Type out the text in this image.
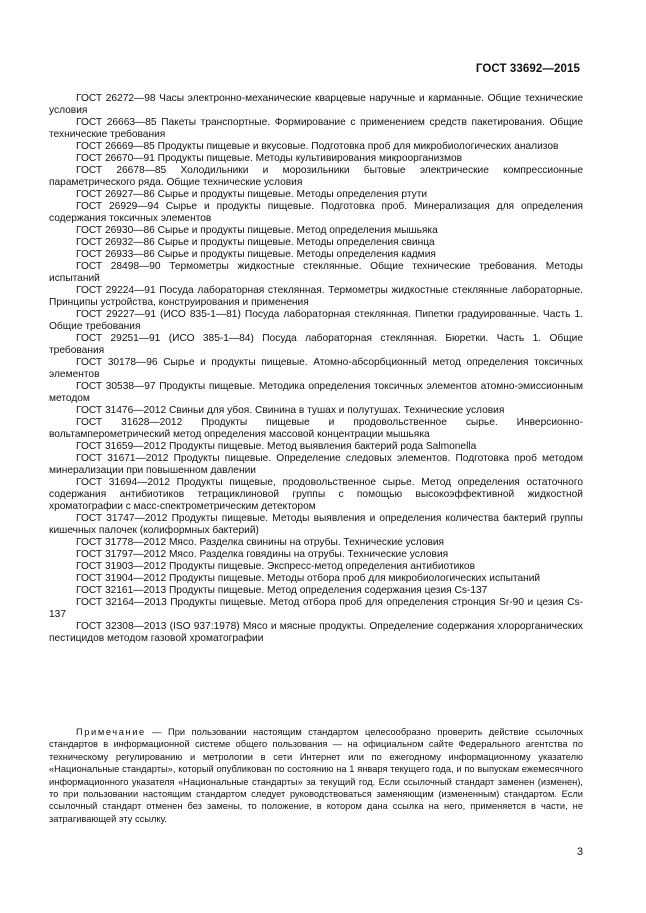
ГОСТ 33692—2015

ГОСТ 26272—98 Часы электронно-механические кварцевые наручные и карманные. Общие технические условия

ГОСТ 26663—85 Пакеты транспортные. Формирование с применением средств пакетирования. Общие технические требования

ГОСТ 26669—85 Продукты пищевые и вкусовые. Подготовка проб для микробиологических анализов

ГОСТ 26670—91 Продукты пищевые. Методы культивирования микроорганизмов

ГОСТ 26678—85 Холодильники и морозильники бытовые электрические компрессионные параметрического ряда. Общие технические условия

ГОСТ 26927—86 Сырье и продукты пищевые. Методы определения ртути

ГОСТ 26929—94 Сырье и продукты пищевые. Подготовка проб. Минерализация для определения содержания токсичных элементов

ГОСТ 26930—86 Сырье и продукты пищевые. Метод определения мышьяка

ГОСТ 26932—86 Сырье и продукты пищевые. Методы определения свинца

ГОСТ 26933—86 Сырье и продукты пищевые. Методы определения кадмия

ГОСТ 28498—90 Термометры жидкостные стеклянные. Общие технические требования. Методы испытаний

ГОСТ 29224—91 Посуда лабораторная стеклянная. Термометры жидкостные стеклянные лабораторные. Принципы устройства, конструирования и применения

ГОСТ 29227—91 (ИСО 835-1—81) Посуда лабораторная стеклянная. Пипетки градуированные. Часть 1. Общие требования

ГОСТ 29251—91 (ИСО 385-1—84) Посуда лабораторная стеклянная. Бюретки. Часть 1. Общие требования

ГОСТ 30178—96 Сырье и продукты пищевые. Атомно-абсорбционный метод определения токсичных элементов

ГОСТ 30538—97 Продукты пищевые. Методика определения токсичных элементов атомно-эмиссионным методом

ГОСТ 31476—2012 Свиньи для убоя. Свинина в тушах и полутушах. Технические условия

ГОСТ 31628—2012 Продукты пищевые и продовольственное сырье. Инверсионно-вольтамперометрический метод определения массовой концентрации мышьяка

ГОСТ 31659—2012 Продукты пищевые. Метод выявления бактерий рода Salmonella

ГОСТ 31671—2012 Продукты пищевые. Определение следовых элементов. Подготовка проб методом минерализации при повышенном давлении

ГОСТ 31694—2012 Продукты пищевые, продовольственное сырье. Метод определения остаточного содержания антибиотиков тетрациклиновой группы с помощью высокоэффективной жидкостной хроматографии с масс-спектрометрическим детектором

ГОСТ 31747—2012 Продукты пищевые. Методы выявления и определения количества бактерий группы кишечных палочек (колиформных бактерий)

ГОСТ 31778—2012 Мясо. Разделка свинины на отрубы. Технические условия

ГОСТ 31797—2012 Мясо. Разделка говядины на отрубы. Технические условия

ГОСТ 31903—2012 Продукты пищевые. Экспресс-метод определения антибиотиков

ГОСТ 31904—2012 Продукты пищевые. Методы отбора проб для микробиологических испытаний

ГОСТ 32161—2013 Продукты пищевые. Метод определения содержания цезия Cs-137

ГОСТ 32164—2013 Продукты пищевые. Метод отбора проб для определения стронция Sr-90 и цезия Cs-137

ГОСТ 32308—2013 (ISO 937:1978) Мясо и мясные продукты. Определение содержания хлорорганических пестицидов методом газовой хроматографии

Примечание — При пользовании настоящим стандартом целесообразно проверить действие ссылочных стандартов в информационной системе общего пользования — на официальном сайте Федерального агентства по техническому регулированию и метрологии в сети Интернет или по ежегодному информационному указателю «Национальные стандарты», который опубликован по состоянию на 1 января текущего года, и по выпускам ежемесячного информационного указателя «Национальные стандарты» за текущий год. Если ссылочный стандарт заменен (изменен), то при пользовании настоящим стандартом следует руководствоваться заменяющим (измененным) стандартом. Если ссылочный стандарт отменен без замены, то положение, в котором дана ссылка на него, применяется в части, не затрагивающей эту ссылку.

3
